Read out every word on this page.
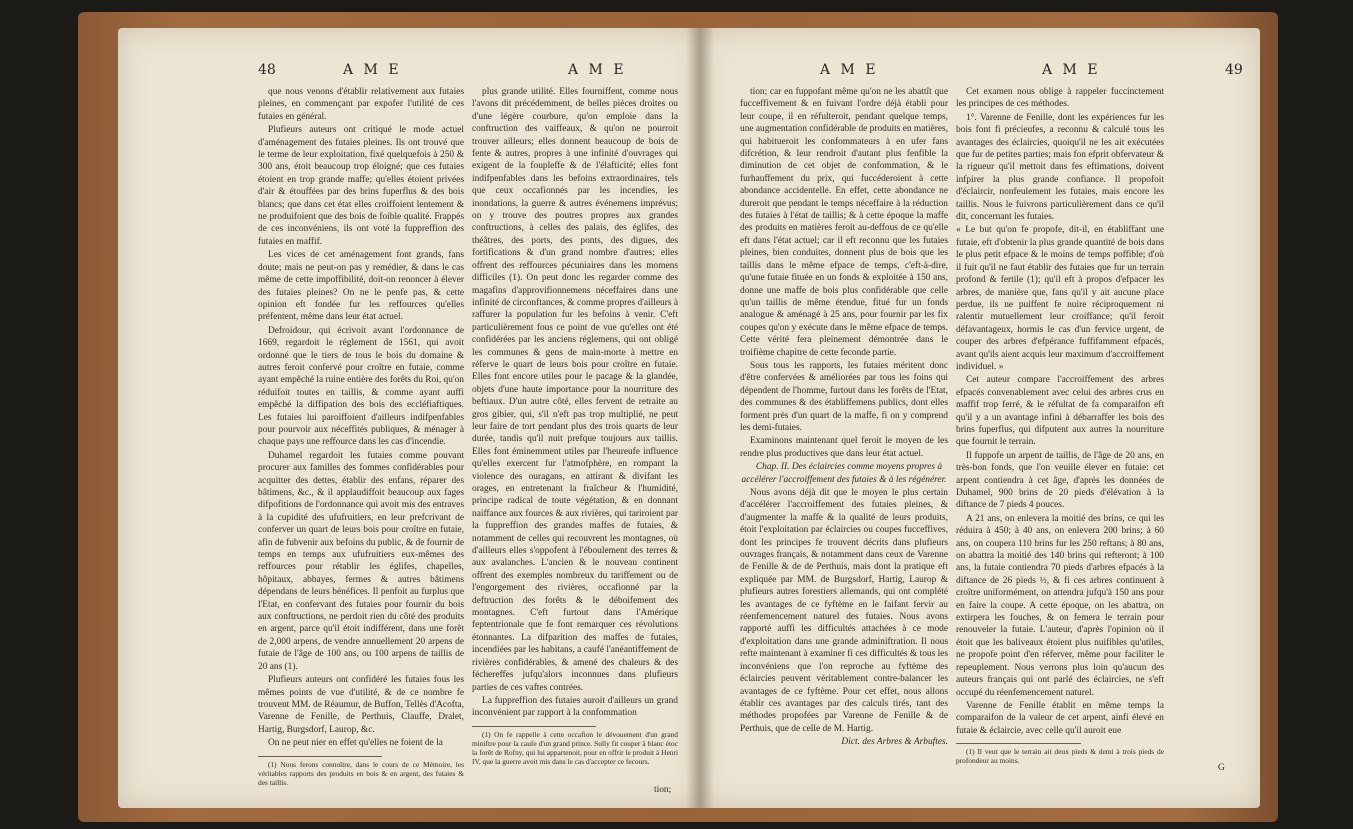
48	A M E	A M E

que nous venons d'établir relativement aux futaies pleines, en commençant par expofer l'utilité de ces futaies en général.

Plufieurs auteurs ont critiqué le mode actuel d'aménagement des futaies pleines. Ils ont trouvé que le terme de leur exploitation, fixé quelquefois à 250 & 300 ans, étoit beaucoup trop éloigné; que ces futaies étoient en trop grande maffe; qu'elles étoient privées d'air & étouffées par des brins fuperflus & des bois blancs; que dans cet état elles croiffoient lentement & ne produifoient que des bois de foible qualité. Frappés de ces inconvéniens, ils ont voté la fuppreffion des futaies en maffif.

Les vices de cet aménagement font grands, fans doute; mais ne peut-on pas y remédier, & dans le cas même de cette impoffibilité, doit-on renoncer à élever des futaies pleines? On ne le penfe pas, & cette opinion eft fondée fur les reffources qu'elles préfentent, même dans leur état actuel.

Defroidour, qui écrivoit avant l'ordonnance de 1669, regardoit le réglement de 1561, qui avoit ordonné que le tiers de tous le bois du domaine & autres feroit confervé pour croître en futaie, comme ayant empêché la ruine entière des forêts du Roi, qu'on réduifoit toutes en taillis, & comme ayant auffi empêché la diffipation des bois des eccléfiaftiques. Les futaies lui paroiffoient d'ailleurs indifpenfables pour pourvoir aux néceffités publiques, & ménager à chaque pays une reffource dans les cas d'incendie.

Duhamel regardoit les futaies comme pouvant procurer aux familles des fommes confidérables pour acquitter des dettes, établir des enfans, réparer des bâtimens, &c., & il applaudiffoit beaucoup aux fages difpofitions de l'ordonnance qui avoit mis des entraves à la cupidité des ufufruitiers, en leur prefcrivant de conferver un quart de leurs bois pour croître en futaie, afin de fubvenir aux befoins du public, & de fournir de temps en temps aux ufufruitiers eux-mêmes des reffources pour rétablir les églifes, chapelles, hôpitaux, abbayes, fermes & autres bâtimens dépendans de leurs bénéfices. Il penfoit au furplus que l'Etat, en confervant des futaies pour fournir du bois aux conftructions, ne perdoit rien du côté des produits en argent, parce qu'il étoit indifférent, dans une forêt de 2,000 arpens, de vendre annuellement 20 arpens de futaie de l'âge de 100 ans, ou 100 arpens de taillis de 20 ans (1).

Plufieurs auteurs ont confidéré les futaies fous les mêmes points de vue d'utilité, & de ce nombre fe trouvent MM. de Réaumur, de Buffon, Tellès d'Acofta, Varenne de Fenille, de Perthuis, Clauffe, Dralet, Hartig, Burgsdorf, Laurop, &c.

On ne peut nier en effet qu'elles ne foient de la

(1) Nous ferons connoître, dans le cours de ce Mémoire, les véritables rapports des produits en bois & en argent, des futaies & des taillis.

plus grande utilité. Elles fourniffent, comme nous l'avons dit précédemment, de belles pièces droites ou d'une légère courbure, qu'on emploie dans la conftruction des vaiffeaux, & qu'on ne pourroit trouver ailleurs; elles donnent beaucoup de bois de fente & autres, propres à une infinité d'ouvrages qui exigent de la foupleffe & de l'élafticité; elles font indifpenfables dans les befoins extraordinaires, tels que ceux occafionnés par les incendies, les inondations, la guerre & autres événemens imprévus; on y trouve des poutres propres aux grandes conftructions, à celles des palais, des églifes, des théâtres, des ports, des ponts, des digues, des fortifications & d'un grand nombre d'autres; elles offrent des reffources pécuniaires dans les momens difficiles (1). On peut donc les regarder comme des magafins d'approvifionnemens néceffaires dans une infinité de circonftances, & comme propres d'ailleurs à raffurer la population fur les befoins à venir. C'eft particulièrement fous ce point de vue qu'elles ont été confidérées par les anciens réglemens, qui ont obligé les communes & gens de main-morte à mettre en réferve le quart de leurs bois pour croître en futaie. Elles font encore utiles pour le pacage & la glandée, objets d'une haute importance pour la nourriture des beftiaux. D'un autre côté, elles fervent de retraite au gros gibier, qui, s'il n'eft pas trop multiplié, ne peut leur faire de tort pendant plus des trois quarts de leur durée, tandis qu'il nuit prefque toujours aux taillis. Elles font éminemment utiles par l'heureufe influence qu'elles exercent fur l'atmofphère, en rompant la violence des ouragans, en attirant & divifant les orages, en entretenant la fraîcheur & l'humidité, principe radical de toute végétation, & en donnant naiffance aux fources & aux rivières, qui tariroient par la fuppreffion des grandes maffes de futaies, & notamment de celles qui recouvrent les montagnes, où d'ailleurs elles s'oppofent à l'éboulement des terres & aux avalanches. L'ancien & le nouveau continent offrent des exemples nombreux du tariffement ou de l'engorgement des rivières, occafionné par la deftruction des forêts & le déboifement des montagnes. C'eft furtout dans l'Amérique feptentrionale que fe font remarquer ces révolutions étonnantes. La difparition des maffes de futaies, incendiées par les habitans, a caufé l'anéantiffement de rivières confidérables, & amené des chaleurs & des féchereffes jufqu'alors inconnues dans plufieurs parties de ces vaftes contrées.

La fuppreffion des futaies auroit d'ailleurs un grand inconvénient par rapport à la confommation

(1) On fe rappelle à cette occafion le dévouement d'un grand miniftre pour la caufe d'un grand prince. Sully fit couper à blanc étoc la forêt de Rofny, qui lui appartenoit, pour en offrir le produit à Henri IV, que la guerre avoit mis dans le cas d'accepter ce fecours.

tion;
A M E	A M E	49

tion; car en fuppofant même qu'on ne les abattît que fucceffivement & en fuivant l'ordre déjà établi pour leur coupe, il en réfulteroit, pendant quelque temps, une augmentation confidérable de produits en matières, qui habitueroit les confommateurs à en ufer fans difcrétion, & leur rendroit d'autant plus fenfible la diminution de cet objet de confommation, & le furhauffement du prix, qui fuccéderoient à cette abondance accidentelle. En effet, cette abondance ne dureroit que pendant le temps néceffaire à la réduction des futaies à l'état de taillis; & à cette époque la maffe des produits en matières feroit au-deffous de ce qu'elle eft dans l'état actuel; car il eft reconnu que les futaies pleines, bien conduites, donnent plus de bois que les taillis dans le même efpace de temps, c'eft-à-dire, qu'une futaie fituée en un fonds & exploitée à 150 ans, donne une maffe de bois plus confidérable que celle qu'un taillis de même étendue, fitué fur un fonds analogue & aménagé à 25 ans, pour fournir par les fix coupes qu'on y exécute dans le même efpace de temps. Cette vérité fera pleinement démontrée dans le troifième chapitre de cette feconde partie.

Sous tous les rapports, les futaies méritent donc d'être confervées & améliorées par tous les foins qui dépendent de l'homme, furtout dans les forêts de l'Etat, des communes & des établiffemens publics, dont elles forment près d'un quart de la maffe, fi on y comprend les demi-futaies.

Examinons maintenant quel feroit le moyen de les rendre plus productives que dans leur état actuel.

Chap. II. Des éclaircies comme moyens propres à accélérer l'accroiffement des futaies & à les régénérer.

Nous avons déjà dit que le moyen le plus certain d'accélérer l'accroiffement des futaies pleines, & d'augmenter la maffe & la qualité de leurs produits, étoit l'exploitation par éclaircies ou coupes fucceffives, dont les principes fe trouvent décrits dans plufieurs ouvrages français, & notamment dans ceux de Varenne de Fenille & de de Perthuis, mais dont la pratique eft expliquée par MM. de Burgsdorf, Hartig, Laurop & plufieurs autres forestiers allemands, qui ont complété les avantages de ce fyftème en le faifant fervir au réenfemencement naturel des futaies. Nous avons rapporté auffi les difficultés attachées à ce mode d'exploitation dans une grande adminiftration. Il nous refte maintenant à examiner fi ces difficultés & tous les inconvéniens que l'on reproche au fyftème des éclaircies peuvent véritablement contre-balancer les avantages de ce fyftème. Pour cet effet, nous allons établir ces avantages par des calculs tirés, tant des méthodes propofées par Varenne de Fenille & de Perthuis, que de celle de M. Hartig.

Dict. des Arbres & Arbuftes.

Cet examen nous oblige à rappeler fuccinctement les principes de ces méthodes.

1°. Varenne de Fenille, dont les expériences fur les bois font fi précieufes, a reconnu & calculé tous les avantages des éclaircies, quoiqu'il ne les ait exécutées que fur de petites parties; mais fon efprit obfervateur & la rigueur qu'il mettoit dans fes eftimations, doivent infpirer la plus grande confiance. Il propofoit d'éclaircir, nonfeulement les futaies, mais encore les taillis. Nous le fuivrons particulièrement dans ce qu'il dit, concernant les futaies.

« Le but qu'on fe propofe, dit-il, en établiffant une futaie, eft d'obtenir la plus grande quantité de bois dans le plus petit efpace & le moins de temps poffible; d'où il fuit qu'il ne faut établir des futaies que fur un terrain profond & fertile (1); qu'il eft à propos d'efpacer les arbres, de manière que, fans qu'il y ait aucune place perdue, ils ne puiffent fe nuire réciproquement ni ralentir mutuellement leur croiffance; qu'il feroit défavantageux, hormis le cas d'un fervice urgent, de couper des arbres d'efpérance fuffifamment efpacés, avant qu'ils aient acquis leur maximum d'accroiffement individuel. »

Cet auteur compare l'accroiffement des arbres efpacés convenablement avec celui des arbres crus en maffif trop ferré, & le réfultat de fa comparaifon eft qu'il y a un avantage infini à débarraffer les bois des brins fuperflus, qui difputent aux autres la nourriture que fournit le terrain.

Il fuppofe un arpent de taillis, de l'âge de 20 ans, en très-bon fonds, que l'on veuille élever en futaie: cet arpent contiendra à cet âge, d'après les données de Duhamel, 900 brins de 20 pieds d'élévation à la diftance de 7 pieds 4 pouces.

A 21 ans, on enlevera la moitié des brins, ce qui les réduira à 450; à 40 ans, on enlevera 200 brins; à 60 ans, on coupera 110 brins fur les 250 reftans; à 80 ans, on abattra la moitié des 140 brins qui refteront; à 100 ans, la futaie contiendra 70 pieds d'arbres efpacés à la diftance de 26 pieds ½, & fi ces arbres continuent à croître uniformément, on attendra jufqu'à 150 ans pour en faire la coupe. A cette époque, on les abattra, on extirpera les fouches, & on femera le terrain pour renouveler la futaie. L'auteur, d'après l'opinion où il étoit que les baliveaux étoient plus nuifibles qu'utiles, ne propofe point d'en réferver, même pour faciliter le repeuplement. Nous verrons plus loin qu'aucun des auteurs français qui ont parlé des éclaircies, ne s'eft occupé du réenfemencement naturel.

Varenne de Fenille établit en même temps la comparaifon de la valeur de cet arpent, ainfi élevé en futaie & éclaircie, avec celle qu'il auroit eue

(1) Il veut que le terrain ait deux pieds & demi à trois pieds de profondeur au moins.

G
